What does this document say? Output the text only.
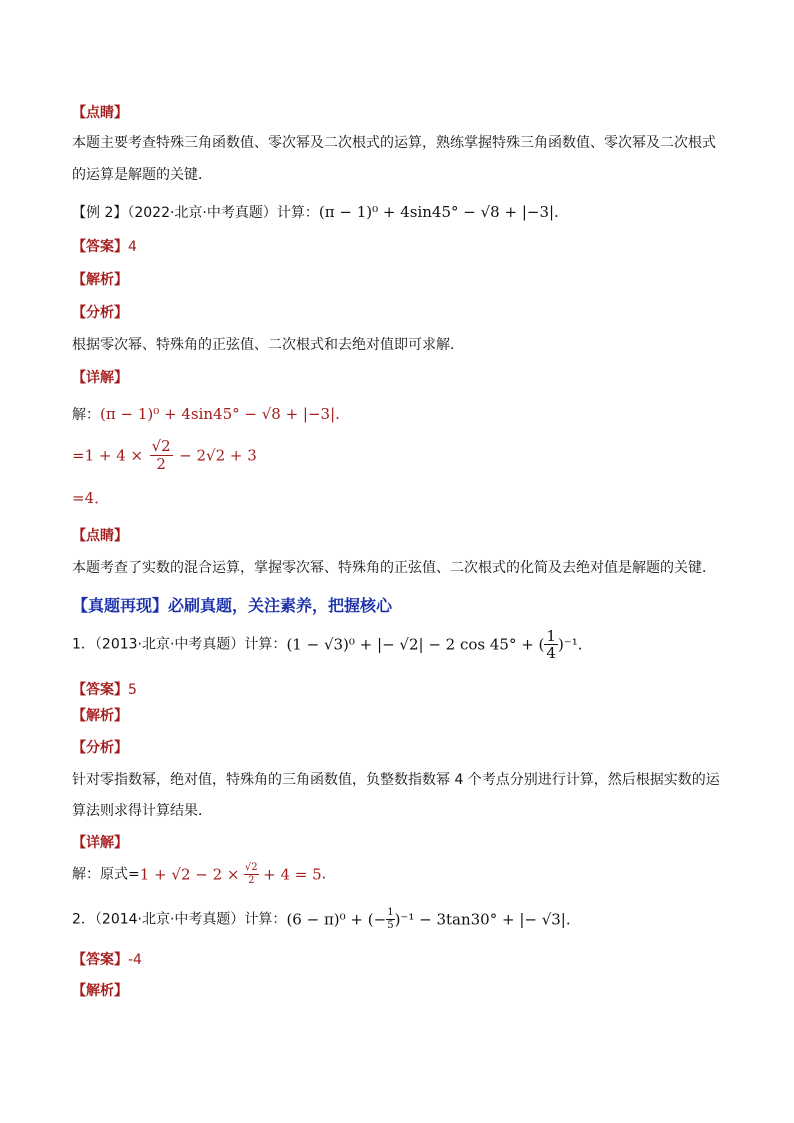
【点睛】
本题主要考查特殊三角函数值、零次幂及二次根式的运算，熟练掌握特殊三角函数值、零次幂及二次根式
的运算是解题的关键．
【例 2】（2022·北京·中考真题）计算：(π − 1)⁰ + 4sin45° − √8 + |−3|.
【答案】4
【解析】
【分析】
根据零次幂、特殊角的正弦值、二次根式和去绝对值即可求解．
【详解】
解：(π − 1)⁰ + 4sin45° − √8 + |−3|.
$=1 + 4 \times \frac{√2}{2} - 2√2 + 3$
=4．
【点睛】
本题考查了实数的混合运算，掌握零次幂、特殊角的正弦值、二次根式的化简及去绝对值是解题的关键．
【真题再现】必刷真题，关注素养，把握核心
1．（2013·北京·中考真题）计算：(1 − √3)⁰ + |− √2| − 2 cos 45° + ( $\frac{1}{4} )^{-1}$.
【答案】5
【解析】
【分析】
针对零指数幂，绝对值，特殊角的三角函数值，负整数指数幂 4 个考点分别进行计算，然后根据实数的运
算法则求得计算结果．
【详解】
解：原式$=1 + √2 - 2 \times \frac{√2}{2} + 4 = 5$.
2．（2014·北京·中考真题）计算：(6 − π)⁰ + (− $\frac{1}{5} )^{-1} - 3\tan 30^\circ$ + |− √3|.
【答案】-4
【解析】
